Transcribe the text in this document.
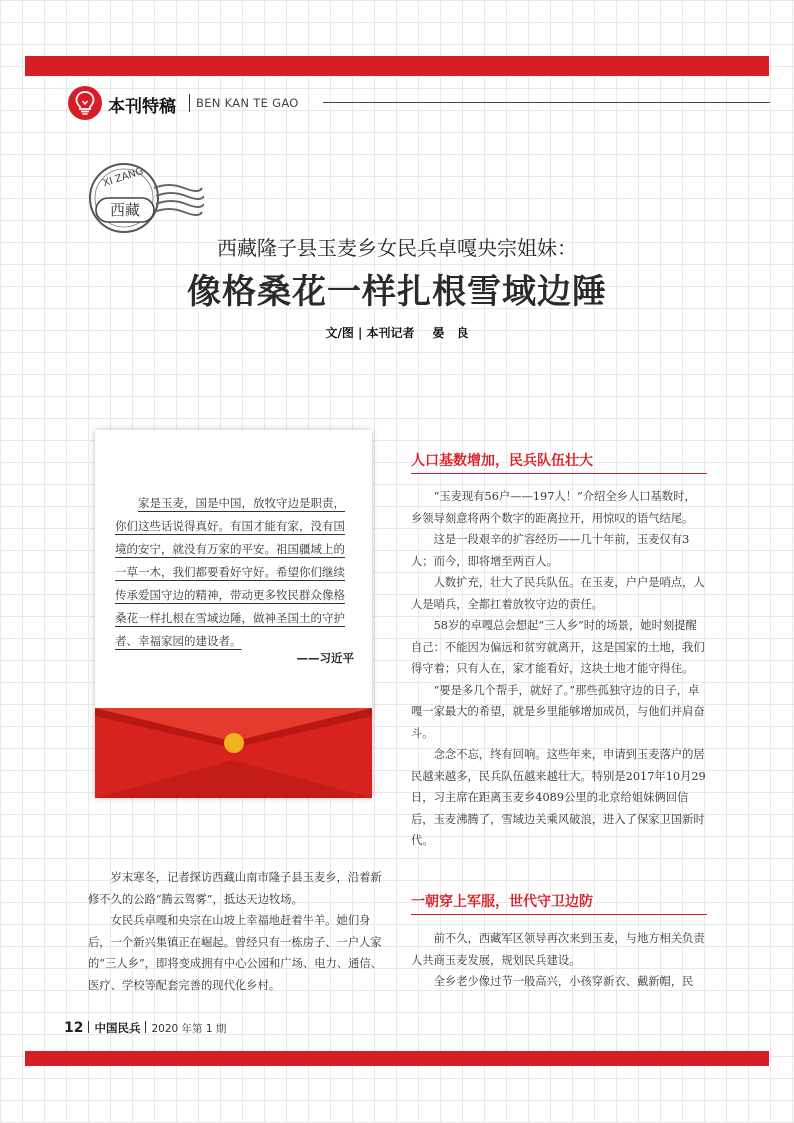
本刊特稿 BEN KAN TE GAO
XI ZANG
西藏
西藏隆子县玉麦乡女民兵卓嘎央宗姐妹：
像格桑花一样扎根雪域边陲
文/图 | 本刊记者 晏　良
家是玉麦，国是中国，放牧守边是职责，你们这些话说得真好。有国才能有家，没有国境的安宁，就没有万家的平安。祖国疆域上的一草一木，我们都要看好守好。希望你们继续传承爱国守边的精神，带动更多牧民群众像格桑花一样扎根在雪域边陲，做神圣国土的守护者、幸福家园的建设者。
——习近平

岁末寒冬，记者探访西藏山南市隆子县玉麦乡，沿着新修不久的公路“腾云驾雾”，抵达天边牧场。

女民兵卓嘎和央宗在山坡上幸福地赶着牛羊。她们身后，一个新兴集镇正在崛起。曾经只有一栋房子、一户人家的“三人乡”，即将变成拥有中心公园和广场、电力、通信、医疗、学校等配套完善的现代化乡村。

人口基数增加，民兵队伍壮大

“玉麦现有56户——197人！”介绍全乡人口基数时，乡领导刻意将两个数字的距离拉开，用惊叹的语气结尾。

这是一段艰辛的扩容经历——几十年前，玉麦仅有3人；而今，即将增至两百人。

人数扩充，壮大了民兵队伍。在玉麦，户户是哨点，人人是哨兵，全都扛着放牧守边的责任。

58岁的卓嘎总会想起“三人乡”时的场景，她时刻提醒自己：不能因为偏远和贫穷就离开，这是国家的土地，我们得守着；只有人在，家才能看好，这块土地才能守得住。

“要是多几个帮手，就好了。”那些孤独守边的日子，卓嘎一家最大的希望，就是乡里能够增加成员，与他们并肩奋斗。

念念不忘，终有回响。这些年来，申请到玉麦落户的居民越来越多，民兵队伍越来越壮大。特别是2017年10月29日，习主席在距离玉麦乡4089公里的北京给姐妹俩回信后，玉麦沸腾了，雪域边关乘风破浪，进入了保家卫国新时代。

一朝穿上军服，世代守卫边防

前不久，西藏军区领导再次来到玉麦，与地方相关负责人共商玉麦发展，规划民兵建设。

全乡老少像过节一般高兴，小孩穿新衣、戴新帽，民

12 中国民兵 2020 年第 1 期
